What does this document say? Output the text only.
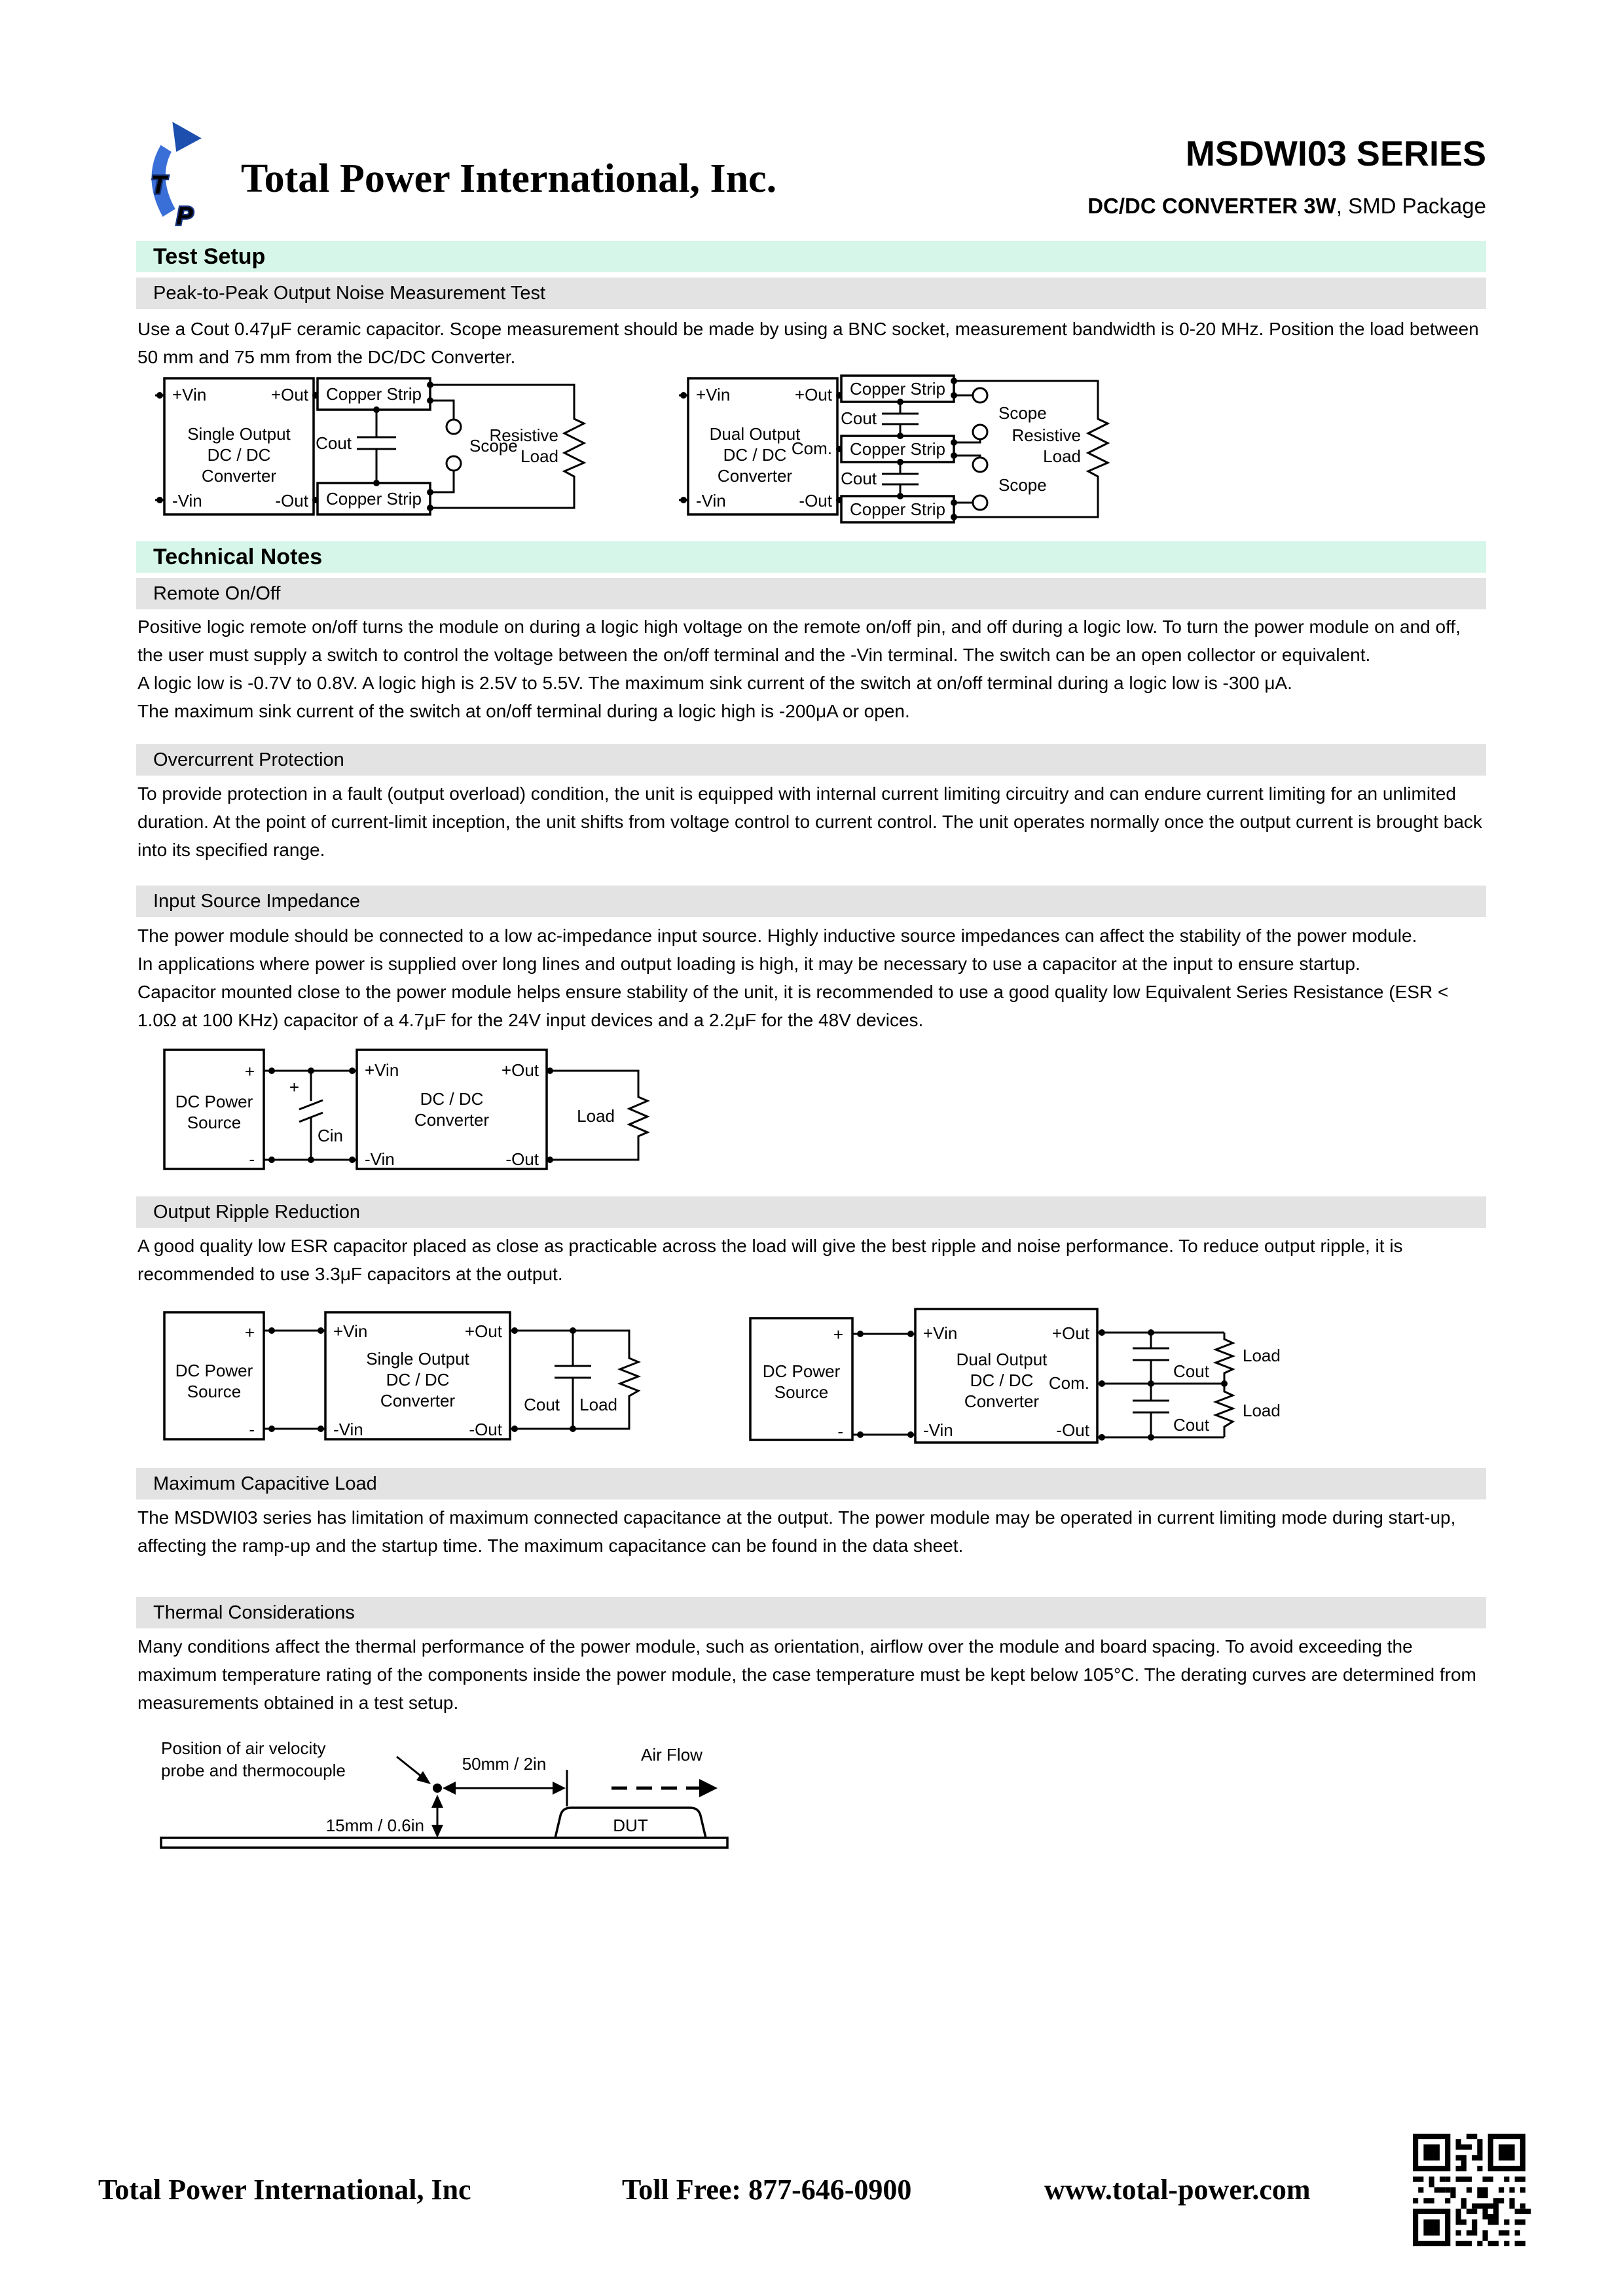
T
P
Total Power International, Inc.
MSDWI03 SERIES
DC/DC CONVERTER 3W, SMD Package
Test Setup
Peak-to-Peak Output Noise Measurement Test
Use a Cout 0.47μF ceramic capacitor. Scope measurement should be made by using a BNC socket, measurement bandwidth is 0-20 MHz. Position the load between
50 mm and 75 mm from the DC/DC Converter.
+Vin	+Out
-Vin	-Out
Single Output
DC / DC
Converter
Copper Strip
Copper Strip
Cout	Scope
Resistive
Load
+Vin	+Out
-Vin
Com.
-Out
Dual Output
DC / DC
Converter
Copper Strip
Copper Strip
Copper Strip
Cout
Cout
Scope
Scope
Resistive
Load
Technical Notes
Remote On/Off
Positive logic remote on/off turns the module on during a logic high voltage on the remote on/off pin, and off during a logic low. To turn the power module on and off,
the user must supply a switch to control the voltage between the on/off terminal and the -Vin terminal. The switch can be an open collector or equivalent.
A logic low is -0.7V to 0.8V. A logic high is 2.5V to 5.5V. The maximum sink current of the switch at on/off terminal during a logic low is -300 μA.
The maximum sink current of the switch at on/off terminal during a logic high is -200μA or open.
Overcurrent Protection
To provide protection in a fault (output overload) condition, the unit is equipped with internal current limiting circuitry and can endure current limiting for an unlimited
duration. At the point of current-limit inception, the unit shifts from voltage control to current control. The unit operates normally once the output current is brought back
into its specified range.
Input Source Impedance
The power module should be connected to a low ac-impedance input source. Highly inductive source impedances can affect the stability of the power module.
In applications where power is supplied over long lines and output loading is high, it may be necessary to use a capacitor at the input to ensure startup.
Capacitor mounted close to the power module helps ensure stability of the unit, it is recommended to use a good quality low Equivalent Series Resistance (ESR <
1.0Ω at 100 KHz) capacitor of a 4.7μF for the 24V input devices and a 2.2μF for the 48V devices.
+
-
DC Power
Source
+
Cin
+Vin	+Out
-Vin	-Out
DC / DC
Converter	Load
Output Ripple Reduction
A good quality low ESR capacitor placed as close as practicable across the load will give the best ripple and noise performance. To reduce output ripple, it is
recommended to use 3.3μF capacitors at the output.
+
-
DC Power
Source
+Vin	+Out
-Vin	-Out
Single Output
DC / DC
Converter	Cout Load
+
-
DC Power
Source
+Vin	+Out
-Vin
Com.
-Out
Dual Output
DC / DC
Converter
Cout
Cout
Load
Load
Maximum Capacitive Load
The MSDWI03 series has limitation of maximum connected capacitance at the output. The power module may be operated in current limiting mode during start-up,
affecting the ramp-up and the startup time. The maximum capacitance can be found in the data sheet.
Thermal Considerations
Many conditions affect the thermal performance of the power module, such as orientation, airflow over the module and board spacing. To avoid exceeding the
maximum temperature rating of the components inside the power module, the case temperature must be kept below 105°C. The derating curves are determined from
measurements obtained in a test setup.
Position of air velocity
probe and thermocouple	50mm / 2in	Air Flow
15mm / 0.6in	DUT
Total Power International, Inc	Toll Free: 877-646-0900	www.total-power.com
